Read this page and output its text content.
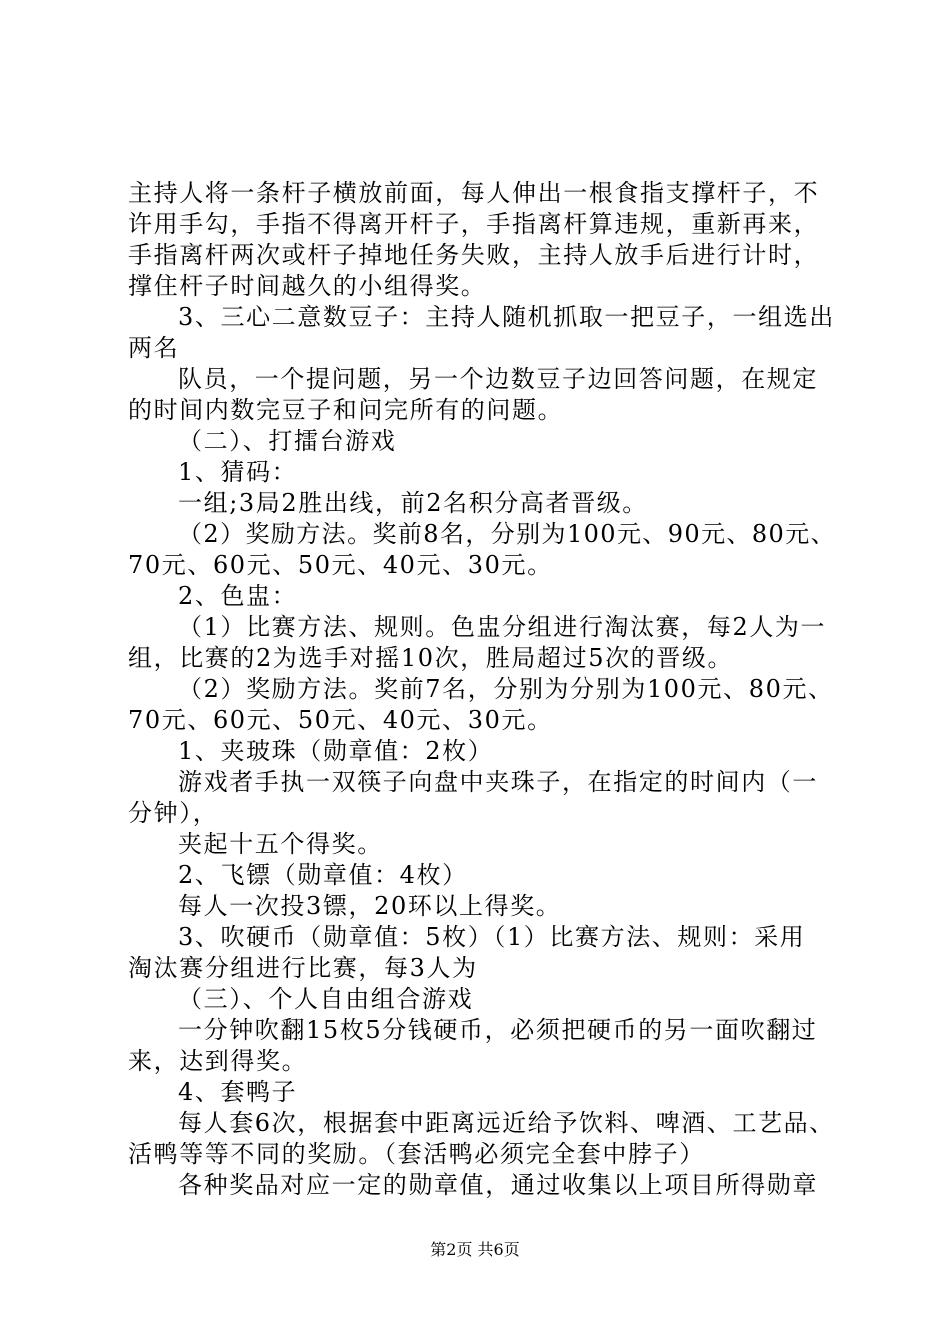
主持人将一条杆子横放前面，每人伸出一根食指支撑杆子，不
许用手勾，手指不得离开杆子，手指离杆算违规，重新再来，
手指离杆两次或杆子掉地任务失败，主持人放手后进行计时，
撑住杆子时间越久的小组得奖。
3、三心二意数豆子：主持人随机抓取一把豆子，一组选出
两名
队员，一个提问题，另一个边数豆子边回答问题，在规定
的时间内数完豆子和问完所有的问题。
（二）、打擂台游戏
1、猜码：
一组;3局2胜出线，前2名积分高者晋级。
（2）奖励方法。奖前8名，分别为100元、90元、80元、
70元、60元、50元、40元、30元。
2、色盅：
（1）比赛方法、规则。色盅分组进行淘汰赛，每2人为一
组，比赛的2为选手对摇10次，胜局超过5次的晋级。
（2）奖励方法。奖前7名，分别为分别为100元、80元、
70元、60元、50元、40元、30元。
1、夹玻珠（勋章值：2枚）
游戏者手执一双筷子向盘中夹珠子，在指定的时间内（一
分钟），
夹起十五个得奖。
2、飞镖（勋章值：4枚）
每人一次投3镖，20环以上得奖。
3、吹硬币（勋章值：5枚）（1）比赛方法、规则：采用
淘汰赛分组进行比赛，每3人为
（三）、个人自由组合游戏
一分钟吹翻15枚5分钱硬币，必须把硬币的另一面吹翻过
来，达到得奖。
4、套鸭子
每人套6次，根据套中距离远近给予饮料、啤酒、工艺品、
活鸭等等不同的奖励。（套活鸭必须完全套中脖子）
各种奖品对应一定的勋章值，通过收集以上项目所得勋章
第2页 共6页
